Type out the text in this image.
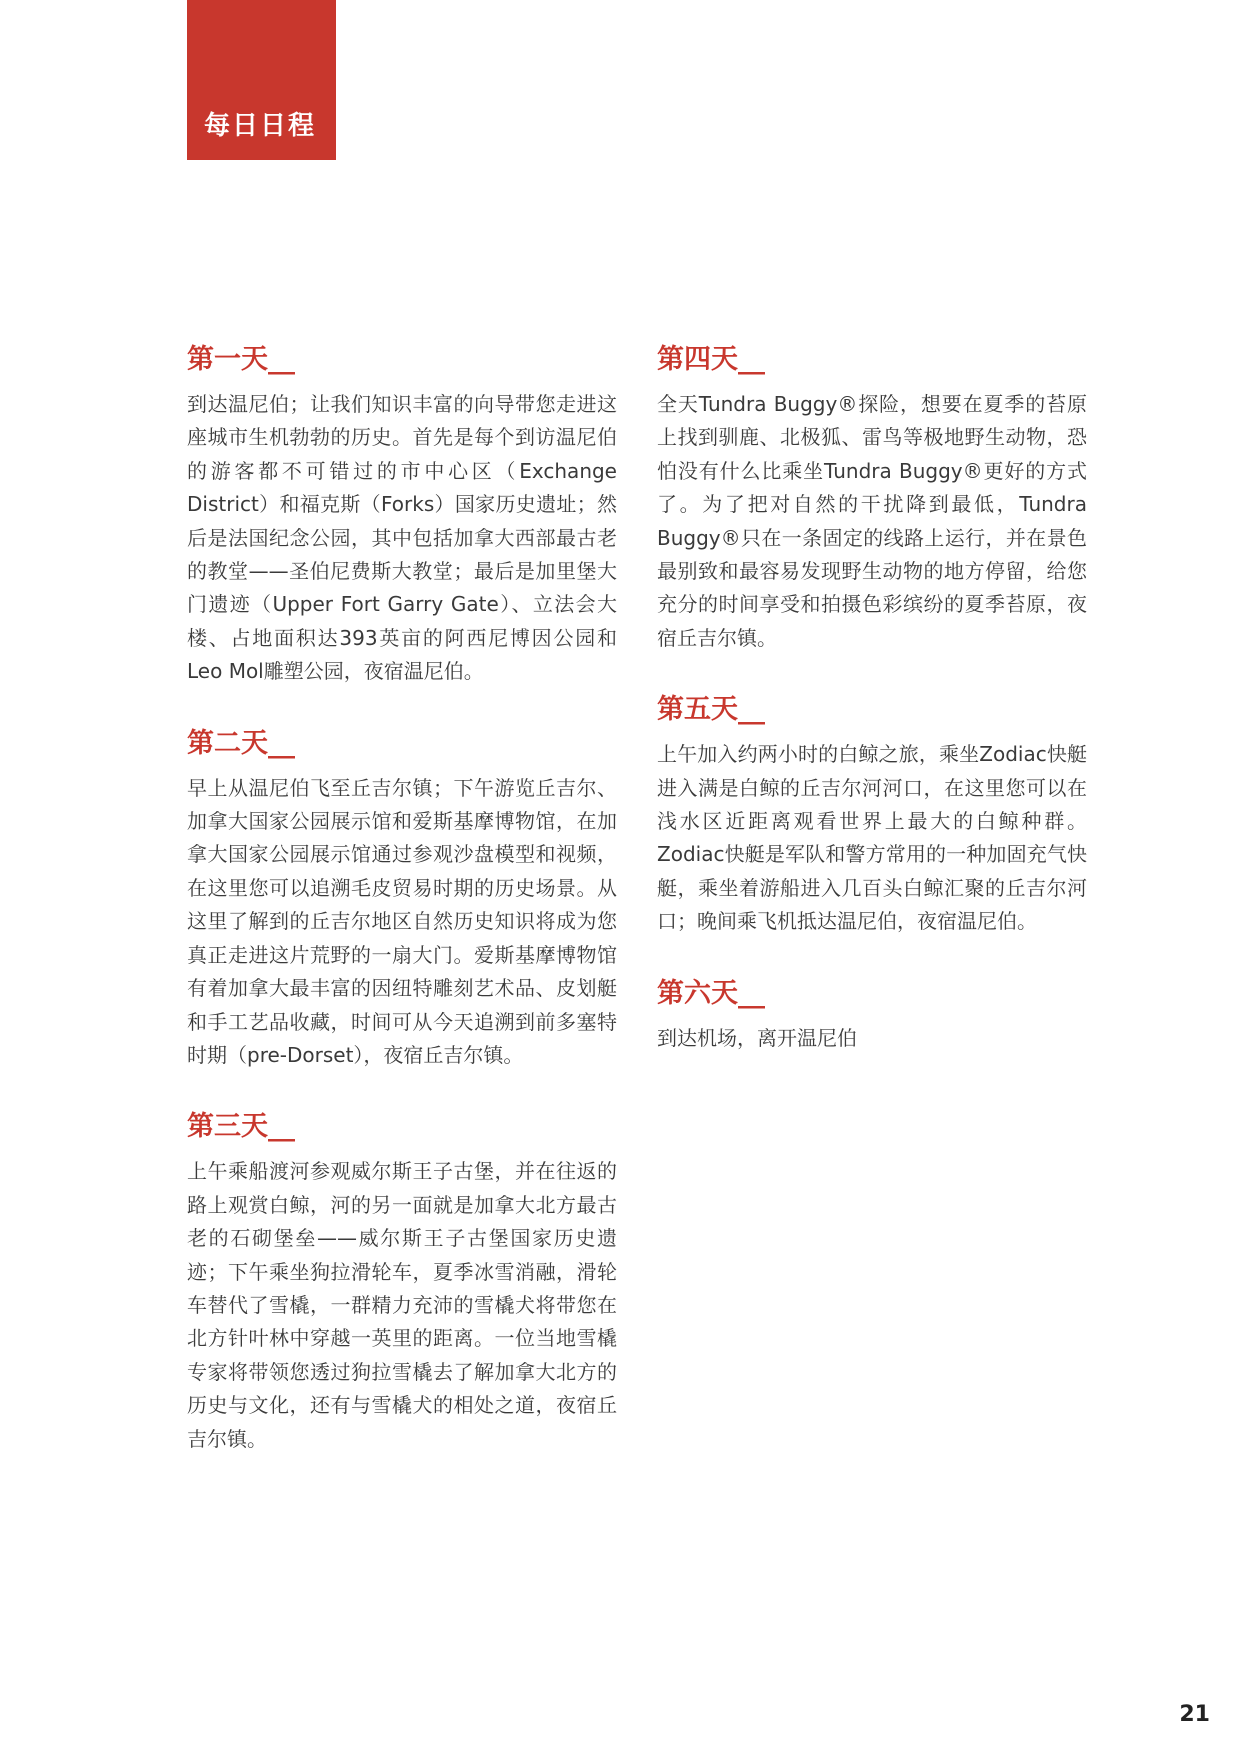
每日日程
第一天__

到达温尼伯；让我们知识丰富的向导带您走进这座城市生机勃勃的历史。首先是每个到访温尼伯的游客都不可错过的市中心区（Exchange District）和福克斯（Forks）国家历史遗址；然后是法国纪念公园，其中包括加拿大西部最古老的教堂——圣伯尼费斯大教堂；最后是加里堡大门遗迹（Upper Fort Garry Gate）、立法会大楼、占地面积达393英亩的阿西尼博因公园和Leo Mol雕塑公园，夜宿温尼伯。

第二天__

早上从温尼伯飞至丘吉尔镇；下午游览丘吉尔、加拿大国家公园展示馆和爱斯基摩博物馆，在加拿大国家公园展示馆通过参观沙盘模型和视频，在这里您可以追溯毛皮贸易时期的历史场景。从这里了解到的丘吉尔地区自然历史知识将成为您真正走进这片荒野的一扇大门。爱斯基摩博物馆有着加拿大最丰富的因纽特雕刻艺术品、皮划艇和手工艺品收藏，时间可从今天追溯到前多塞特时期（pre-Dorset），夜宿丘吉尔镇。

第三天__

上午乘船渡河参观威尔斯王子古堡，并在往返的路上观赏白鲸，河的另一面就是加拿大北方最古老的石砌堡垒——威尔斯王子古堡国家历史遗迹；下午乘坐狗拉滑轮车，夏季冰雪消融，滑轮车替代了雪橇，一群精力充沛的雪橇犬将带您在北方针叶林中穿越一英里的距离。一位当地雪橇专家将带领您透过狗拉雪橇去了解加拿大北方的历史与文化，还有与雪橇犬的相处之道，夜宿丘吉尔镇。

第四天__

全天Tundra Buggy®探险，想要在夏季的苔原上找到驯鹿、北极狐、雷鸟等极地野生动物，恐怕没有什么比乘坐Tundra Buggy®更好的方式了。为了把对自然的干扰降到最低，Tundra Buggy®只在一条固定的线路上运行，并在景色最别致和最容易发现野生动物的地方停留，给您充分的时间享受和拍摄色彩缤纷的夏季苔原，夜宿丘吉尔镇。

第五天__

上午加入约两小时的白鲸之旅，乘坐Zodiac快艇进入满是白鲸的丘吉尔河河口，在这里您可以在浅水区近距离观看世界上最大的白鲸种群。Zodiac快艇是军队和警方常用的一种加固充气快艇，乘坐着游船进入几百头白鲸汇聚的丘吉尔河口；晚间乘飞机抵达温尼伯，夜宿温尼伯。

第六天__

到达机场，离开温尼伯

21
